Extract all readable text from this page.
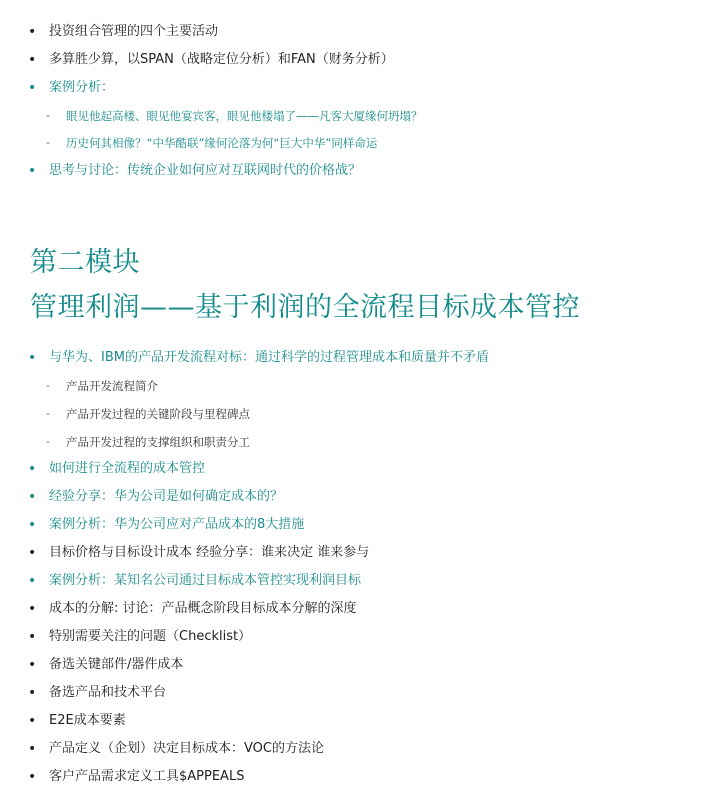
• 投资组合管理的四个主要活动
• 多算胜少算，以SPAN（战略定位分析）和FAN（财务分析）
• 案例分析：
- 眼见他起高楼、眼见他宴宾客，眼见他楼塌了——凡客大厦缘何坍塌？
- 历史何其相像？“中华酷联”缘何沦落为何“巨大中华”同样命运
• 思考与讨论：传统企业如何应对互联网时代的价格战？
第二模块
管理利润——基于利润的全流程目标成本管控
• 与华为、IBM的产品开发流程对标：通过科学的过程管理成本和质量并不矛盾
- 产品开发流程简介
- 产品开发过程的关键阶段与里程碑点
- 产品开发过程的支撑组织和职责分工
• 如何进行全流程的成本管控
• 经验分享：华为公司是如何确定成本的？
• 案例分析：华为公司应对产品成本的8大措施
• 目标价格与目标设计成本 经验分享：谁来决定 谁来参与
• 案例分析：某知名公司通过目标成本管控实现利润目标
• 成本的分解: 讨论：产品概念阶段目标成本分解的深度
• 特别需要关注的问题（Checklist）
• 备选关键部件/器件成本
• 备选产品和技术平台
• E2E成本要素
• 产品定义（企划）决定目标成本：VOC的方法论
• 客户产品需求定义工具$APPEALS
